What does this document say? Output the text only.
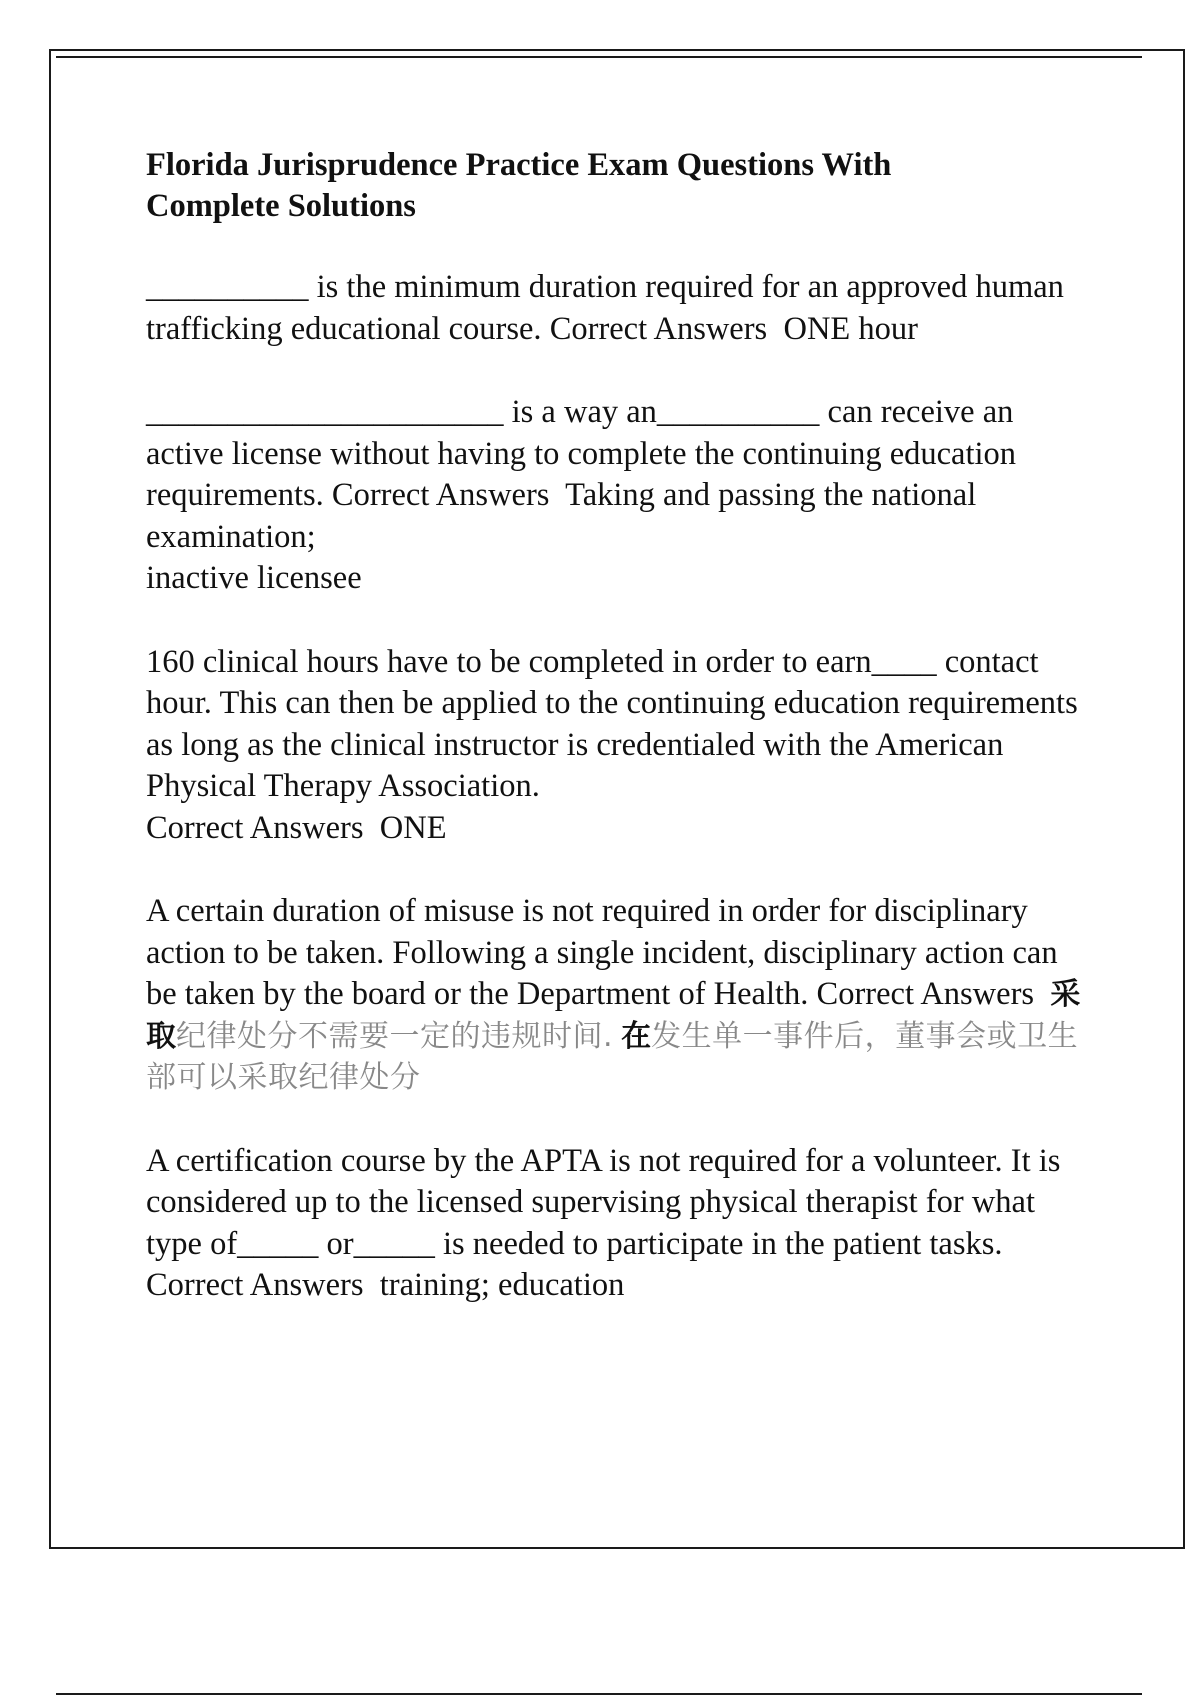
Florida Jurisprudence Practice Exam Questions With
Complete Solutions
__________ is the minimum duration required for an approved human trafficking educational course. Correct Answers ONE hour
______________________ is a way an__________ can receive an active license without having to complete the continuing education requirements. Correct Answers Taking and passing the national examination;
inactive licensee
160 clinical hours have to be completed in order to earn____ contact hour. This can then be applied to the continuing education requirements as long as the clinical instructor is credentialed with the American Physical Therapy Association.
Correct Answers ONE
A certain duration of misuse is not required in order for disciplinary action to be taken. Following a single incident, disciplinary action can be taken by the board or the Department of Health. Correct Answers 采取纪律处分不需要一定的违规时间. 在发生单一事件后，董事会或卫生部可以采取纪律处分
A certification course by the APTA is not required for a volunteer. It is considered up to the licensed supervising physical therapist for what type of_____ or_____ is needed to participate in the patient tasks. Correct Answers training; education
